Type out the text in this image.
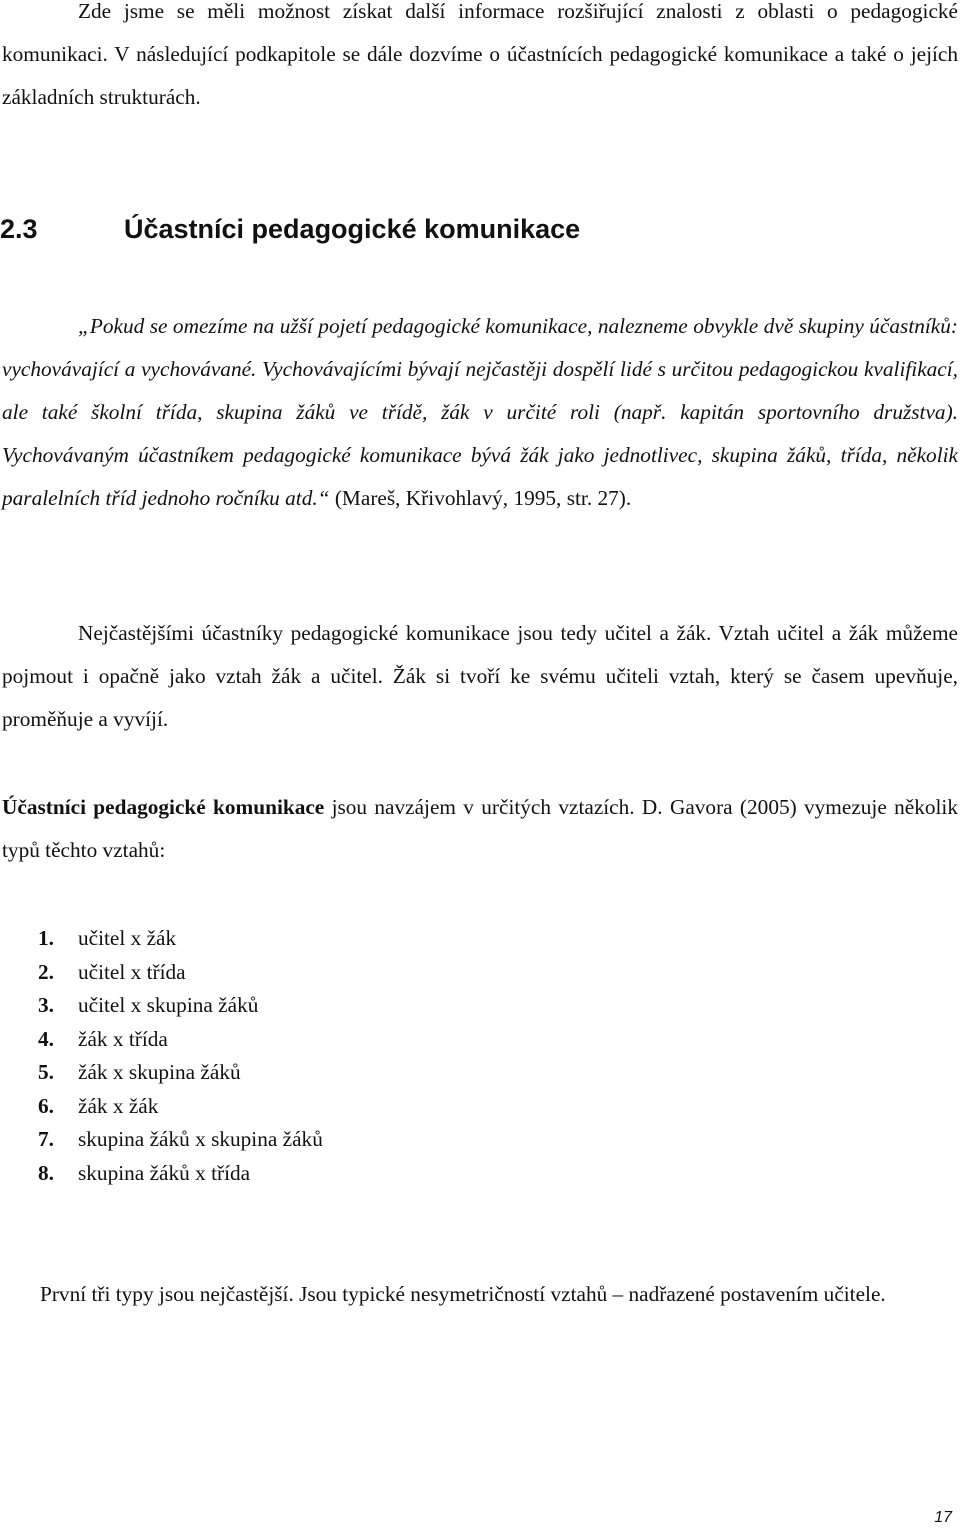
Zde jsme se měli možnost získat další informace rozšiřující znalosti z oblasti o pedagogické komunikaci. V následující podkapitole se dále dozvíme o účastnících pedagogické komunikace a také o jejích základních strukturách.

2.3	Účastníci pedagogické komunikace

„Pokud se omezíme na užší pojetí pedagogické komunikace, nalezneme obvykle dvě skupiny účastníků: vychovávající a vychovávané. Vychovávajícími bývají nejčastěji dospělí lidé s určitou pedagogickou kvalifikací, ale také školní třída, skupina žáků ve třídě, žák v určité roli (např. kapitán sportovního družstva). Vychovávaným účastníkem pedagogické komunikace bývá žák jako jednotlivec, skupina žáků, třída, několik paralelních tříd jednoho ročníku atd.“ (Mareš, Křivohlavý, 1995, str. 27).

Nejčastějšími účastníky pedagogické komunikace jsou tedy učitel a žák. Vztah učitel a žák můžeme pojmout i opačně jako vztah žák a učitel. Žák si tvoří ke svému učiteli vztah, který se časem upevňuje, proměňuje a vyvíjí.

Účastníci pedagogické komunikace jsou navzájem v určitých vztazích. D. Gavora (2005) vymezuje několik typů těchto vztahů:

1. učitel x žák
2. učitel x třída
3. učitel x skupina žáků
4. žák x třída
5. žák x skupina žáků
6. žák x žák
7. skupina žáků x skupina žáků
8. skupina žáků x třída

První tři typy jsou nejčastější. Jsou typické nesymetričností vztahů – nadřazené postavením učitele.

17
